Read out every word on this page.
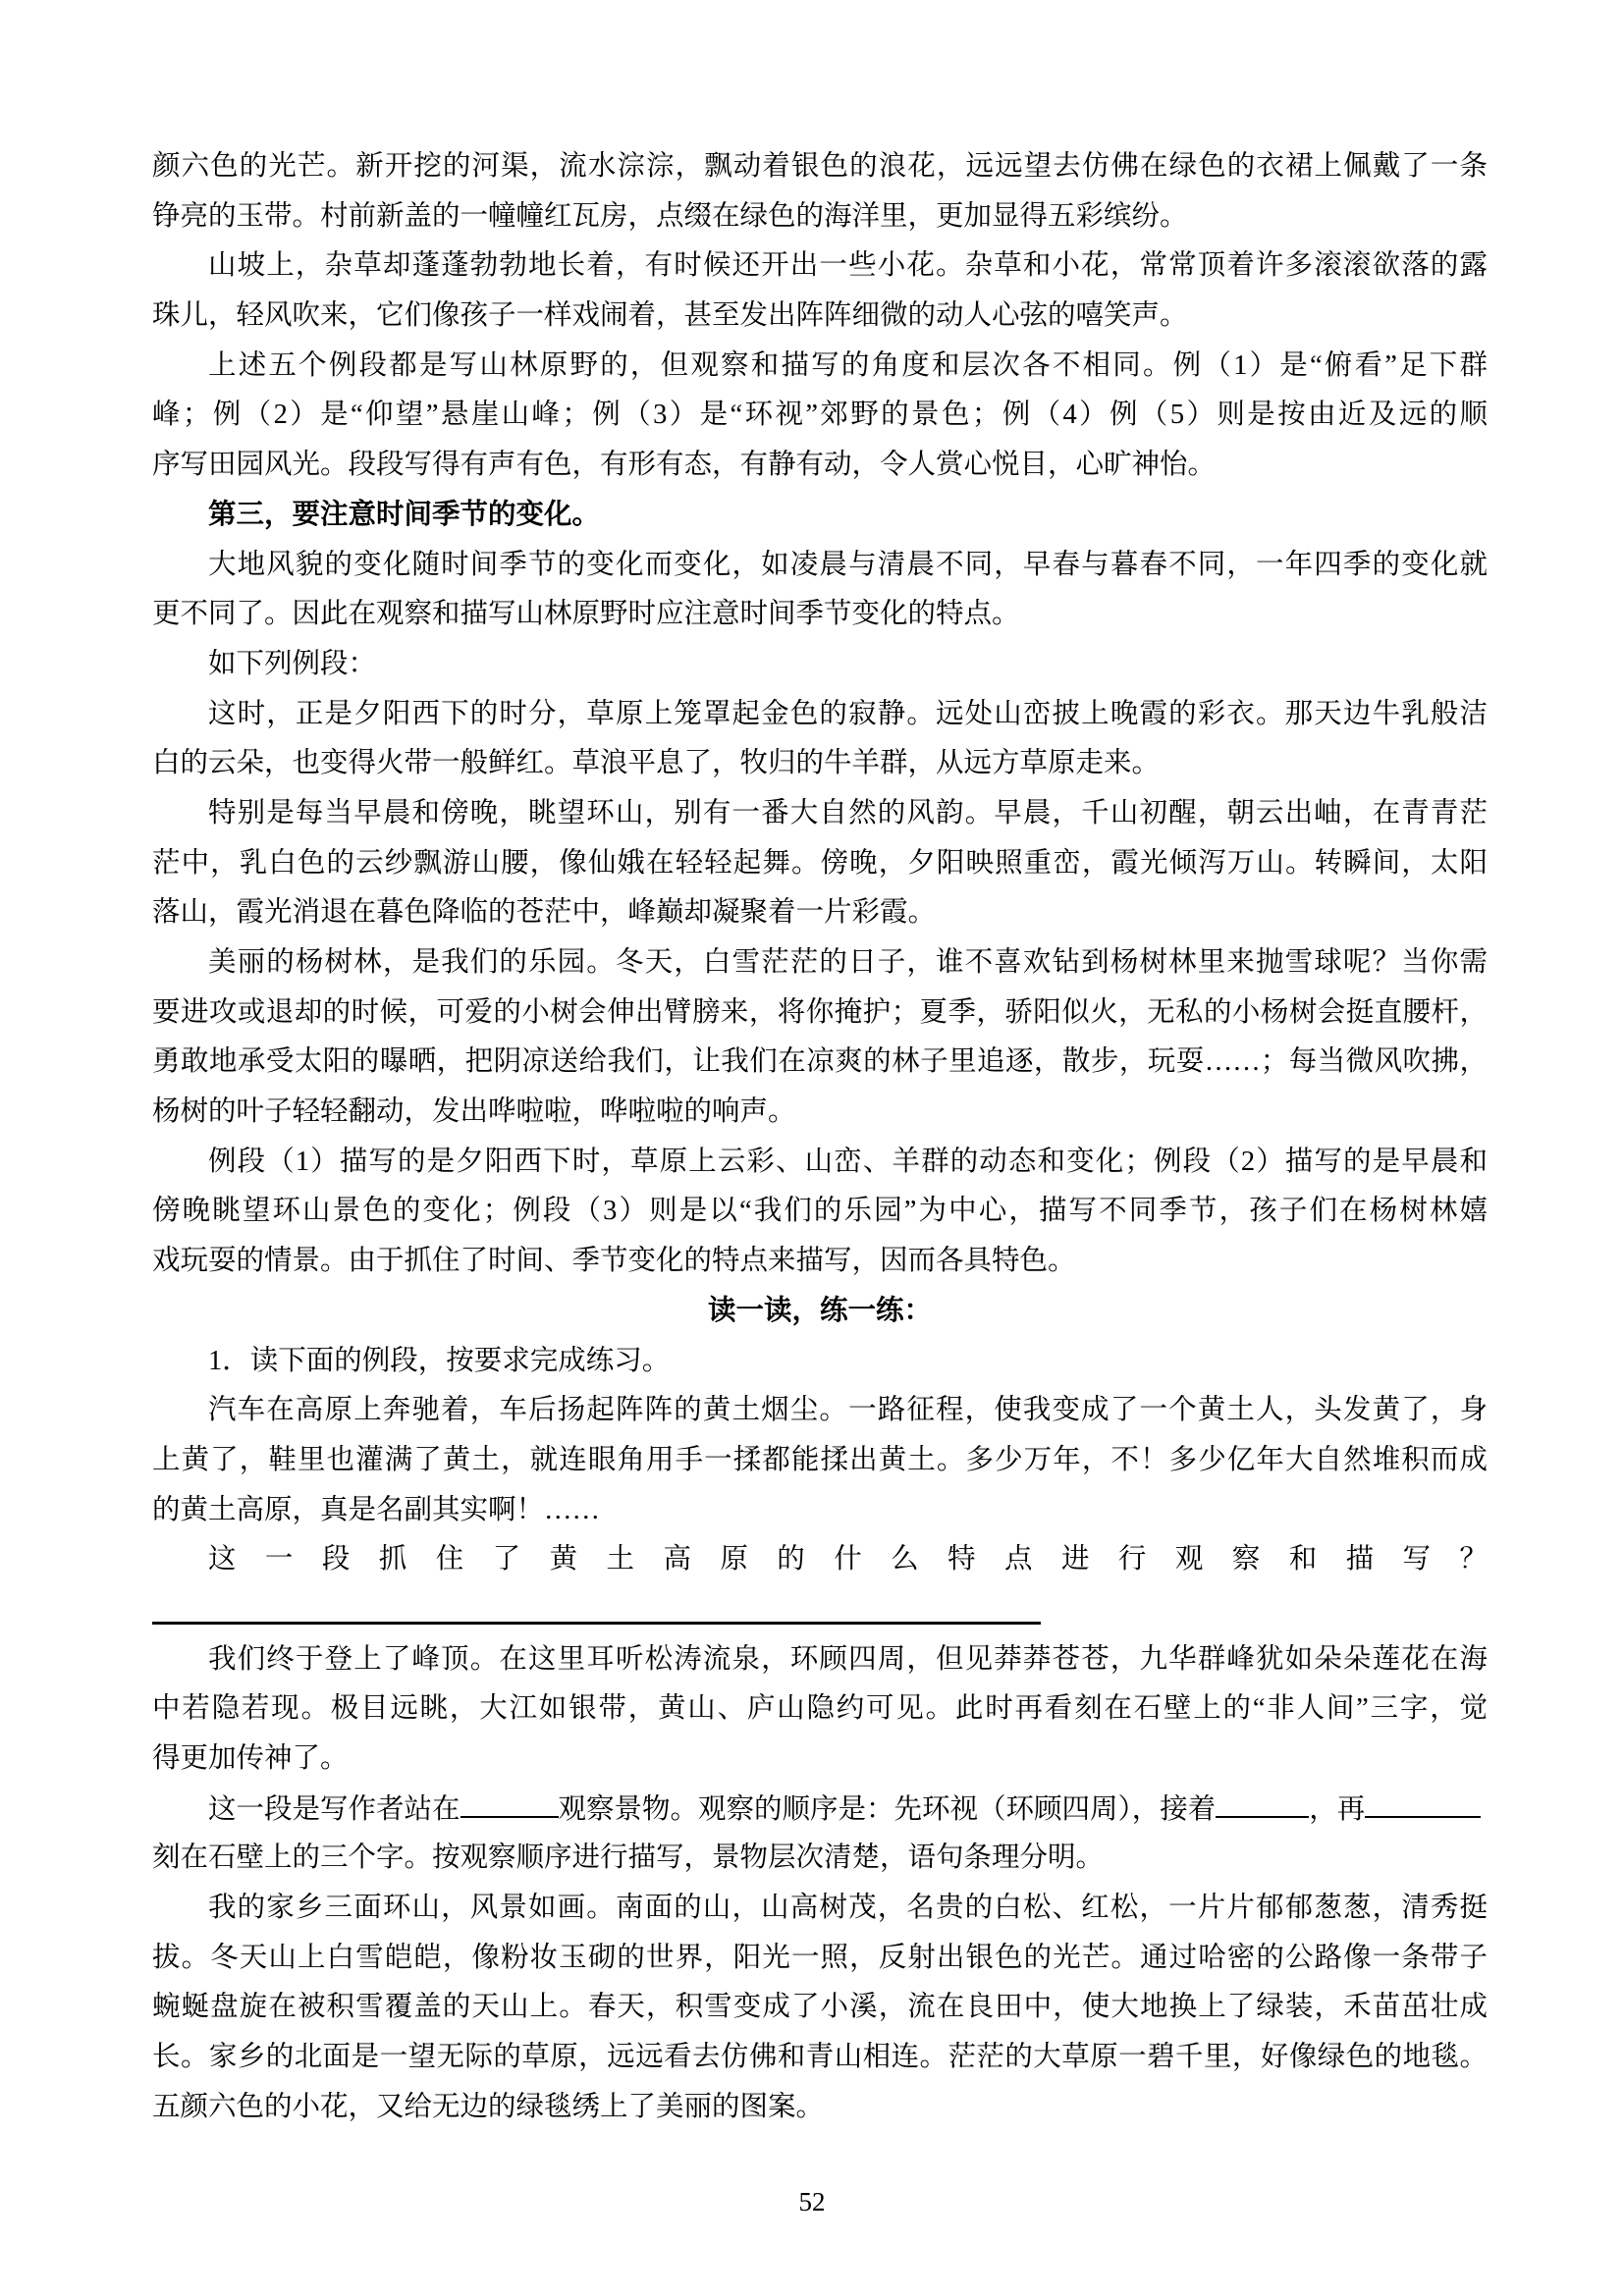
颜六色的光芒。新开挖的河渠，流水淙淙，飘动着银色的浪花，远远望去仿佛在绿色的衣裙上佩戴了一条
铮亮的玉带。村前新盖的一幢幢红瓦房，点缀在绿色的海洋里，更加显得五彩缤纷。
山坡上，杂草却蓬蓬勃勃地长着，有时候还开出一些小花。杂草和小花，常常顶着许多滚滚欲落的露
珠儿，轻风吹来，它们像孩子一样戏闹着，甚至发出阵阵细微的动人心弦的嘻笑声。
上述五个例段都是写山林原野的，但观察和描写的角度和层次各不相同。例（1）是“俯看”足下群
峰；例（2）是“仰望”悬崖山峰；例（3）是“环视”郊野的景色；例（4）例（5）则是按由近及远的顺
序写田园风光。段段写得有声有色，有形有态，有静有动，令人赏心悦目，心旷神怡。
第三，要注意时间季节的变化。
大地风貌的变化随时间季节的变化而变化，如凌晨与清晨不同，早春与暮春不同，一年四季的变化就
更不同了。因此在观察和描写山林原野时应注意时间季节变化的特点。
如下列例段：
这时，正是夕阳西下的时分，草原上笼罩起金色的寂静。远处山峦披上晚霞的彩衣。那天边牛乳般洁
白的云朵，也变得火带一般鲜红。草浪平息了，牧归的牛羊群，从远方草原走来。
特别是每当早晨和傍晚，眺望环山，别有一番大自然的风韵。早晨，千山初醒，朝云出岫，在青青茫
茫中，乳白色的云纱飘游山腰，像仙娥在轻轻起舞。傍晚，夕阳映照重峦，霞光倾泻万山。转瞬间，太阳
落山，霞光消退在暮色降临的苍茫中，峰巅却凝聚着一片彩霞。
美丽的杨树林，是我们的乐园。冬天，白雪茫茫的日子，谁不喜欢钻到杨树林里来抛雪球呢？当你需
要进攻或退却的时候，可爱的小树会伸出臂膀来，将你掩护；夏季，骄阳似火，无私的小杨树会挺直腰杆，
勇敢地承受太阳的曝晒，把阴凉送给我们，让我们在凉爽的林子里追逐，散步，玩耍……；每当微风吹拂，
杨树的叶子轻轻翻动，发出哗啦啦，哗啦啦的响声。
例段（1）描写的是夕阳西下时，草原上云彩、山峦、羊群的动态和变化；例段（2）描写的是早晨和
傍晚眺望环山景色的变化；例段（3）则是以“我们的乐园”为中心，描写不同季节，孩子们在杨树林嬉
戏玩耍的情景。由于抓住了时间、季节变化的特点来描写，因而各具特色。
读一读，练一练：
1．读下面的例段，按要求完成练习。
汽车在高原上奔驰着，车后扬起阵阵的黄土烟尘。一路征程，使我变成了一个黄土人，头发黄了，身
上黄了，鞋里也灌满了黄土，就连眼角用手一揉都能揉出黄土。多少万年，不！多少亿年大自然堆积而成
的黄土高原，真是名副其实啊！……
这一段抓住了黄土高原的什么特点进行观察和描写？
我们终于登上了峰顶。在这里耳听松涛流泉，环顾四周，但见莽莽苍苍，九华群峰犹如朵朵莲花在海
中若隐若现。极目远眺，大江如银带，黄山、庐山隐约可见。此时再看刻在石壁上的“非人间”三字，觉
得更加传神了。
这一段是写作者站在	观察景物。观察的顺序是：先环视（环顾四周），接着	，再
刻在石壁上的三个字。按观察顺序进行描写，景物层次清楚，语句条理分明。
我的家乡三面环山，风景如画。南面的山，山高树茂，名贵的白松、红松，一片片郁郁葱葱，清秀挺
拔。冬天山上白雪皑皑，像粉妆玉砌的世界，阳光一照，反射出银色的光芒。通过哈密的公路像一条带子
蜿蜒盘旋在被积雪覆盖的天山上。春天，积雪变成了小溪，流在良田中，使大地换上了绿装，禾苗茁壮成
长。家乡的北面是一望无际的草原，远远看去仿佛和青山相连。茫茫的大草原一碧千里，好像绿色的地毯。
五颜六色的小花，又给无边的绿毯绣上了美丽的图案。
52
